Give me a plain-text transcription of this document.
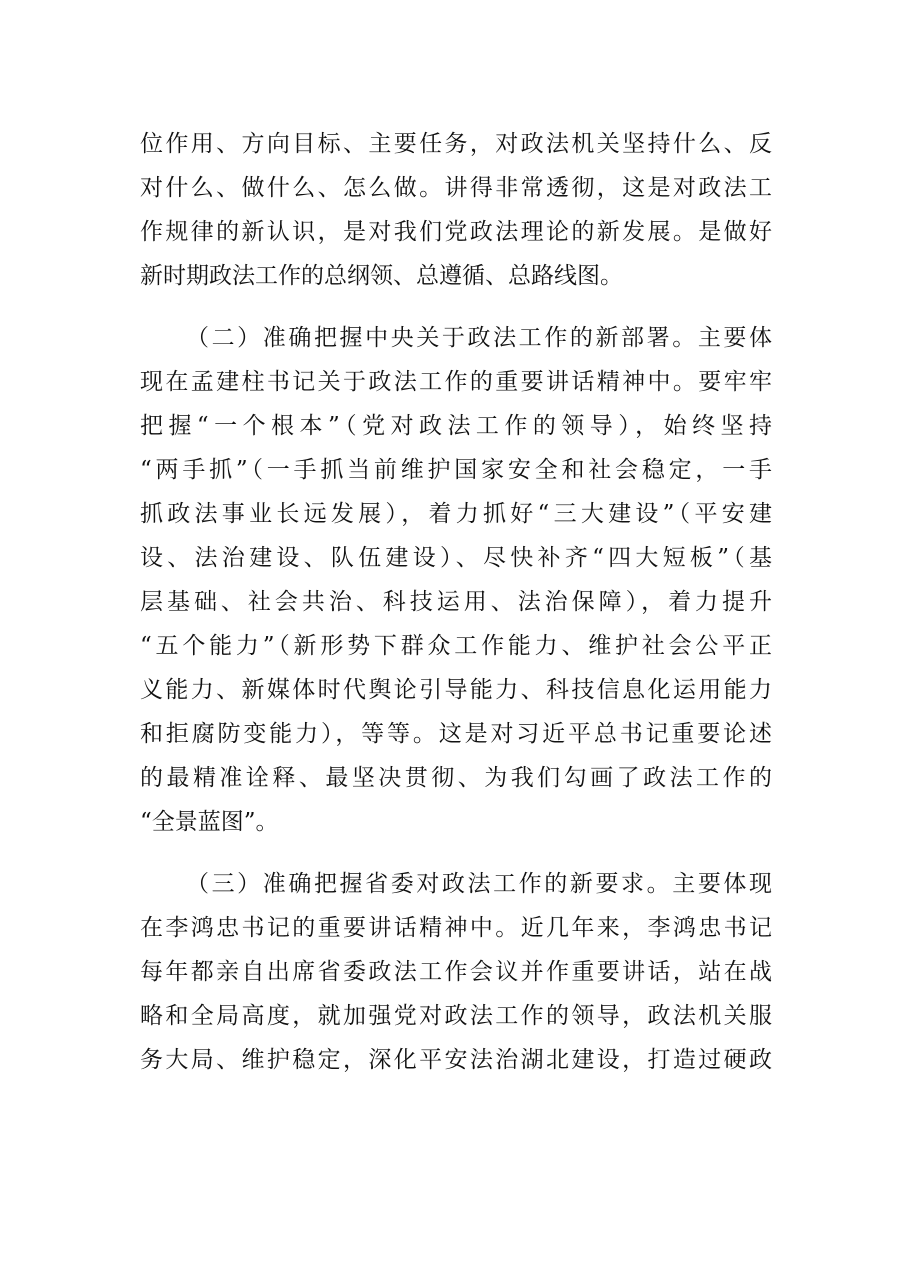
位作用、方向目标、主要任务，对政法机关坚持什么、反
对什么、做什么、怎么做。讲得非常透彻，这是对政法工
作规律的新认识，是对我们党政法理论的新发展。是做好
新时期政法工作的总纲领、总遵循、总路线图。
（二）准确把握中央关于政法工作的新部署。主要体
现在孟建柱书记关于政法工作的重要讲话精神中。要牢牢
把握“一个根本”（党对政法工作的领导），始终坚持
“两手抓”（一手抓当前维护国家安全和社会稳定，一手
抓政法事业长远发展），着力抓好“三大建设”（平安建
设、法治建设、队伍建设）、尽快补齐“四大短板”（基
层基础、社会共治、科技运用、法治保障），着力提升
“五个能力”（新形势下群众工作能力、维护社会公平正
义能力、新媒体时代舆论引导能力、科技信息化运用能力
和拒腐防变能力），等等。这是对习近平总书记重要论述
的最精准诠释、最坚决贯彻、为我们勾画了政法工作的
“全景蓝图”。
（三）准确把握省委对政法工作的新要求。主要体现
在李鸿忠书记的重要讲话精神中。近几年来，李鸿忠书记
每年都亲自出席省委政法工作会议并作重要讲话，站在战
略和全局高度，就加强党对政法工作的领导，政法机关服
务大局、维护稳定，深化平安法治湖北建设，打造过硬政
